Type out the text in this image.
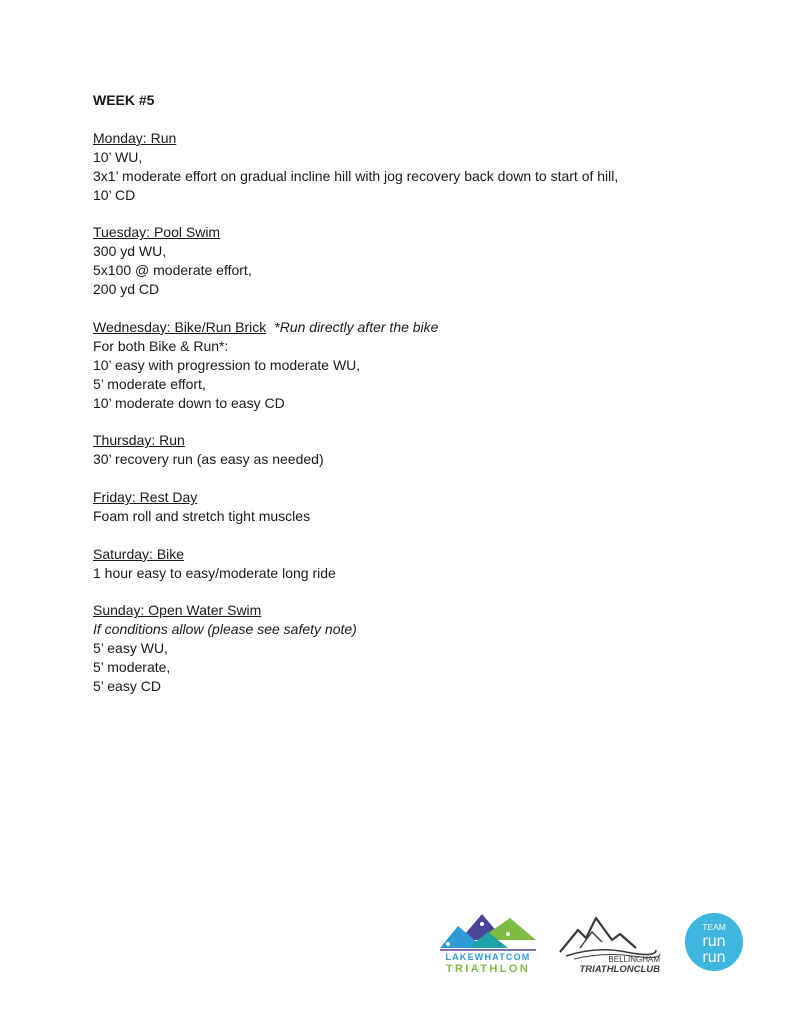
WEEK #5

Monday: Run

10’ WU,

3x1’ moderate effort on gradual incline hill with jog recovery back down to start of hill,

10’ CD

Tuesday: Pool Swim

300 yd WU,

5x100 @ moderate effort,

200 yd CD

Wednesday: Bike/Run Brick *Run directly after the bike

For both Bike & Run*:

10’ easy with progression to moderate WU,

5’ moderate effort,

10’ moderate down to easy CD

Thursday: Run

30’ recovery run (as easy as needed)

Friday: Rest Day

Foam roll and stretch tight muscles

Saturday: Bike

1 hour easy to easy/moderate long ride

Sunday: Open Water Swim

If conditions allow (please see safety note)

5’ easy WU,

5’ moderate,

5’ easy CD

LAKEWHATCOM
TRIATHLON
BELLINGHAM
TRIATHLONCLUB
TEAM
run
run
